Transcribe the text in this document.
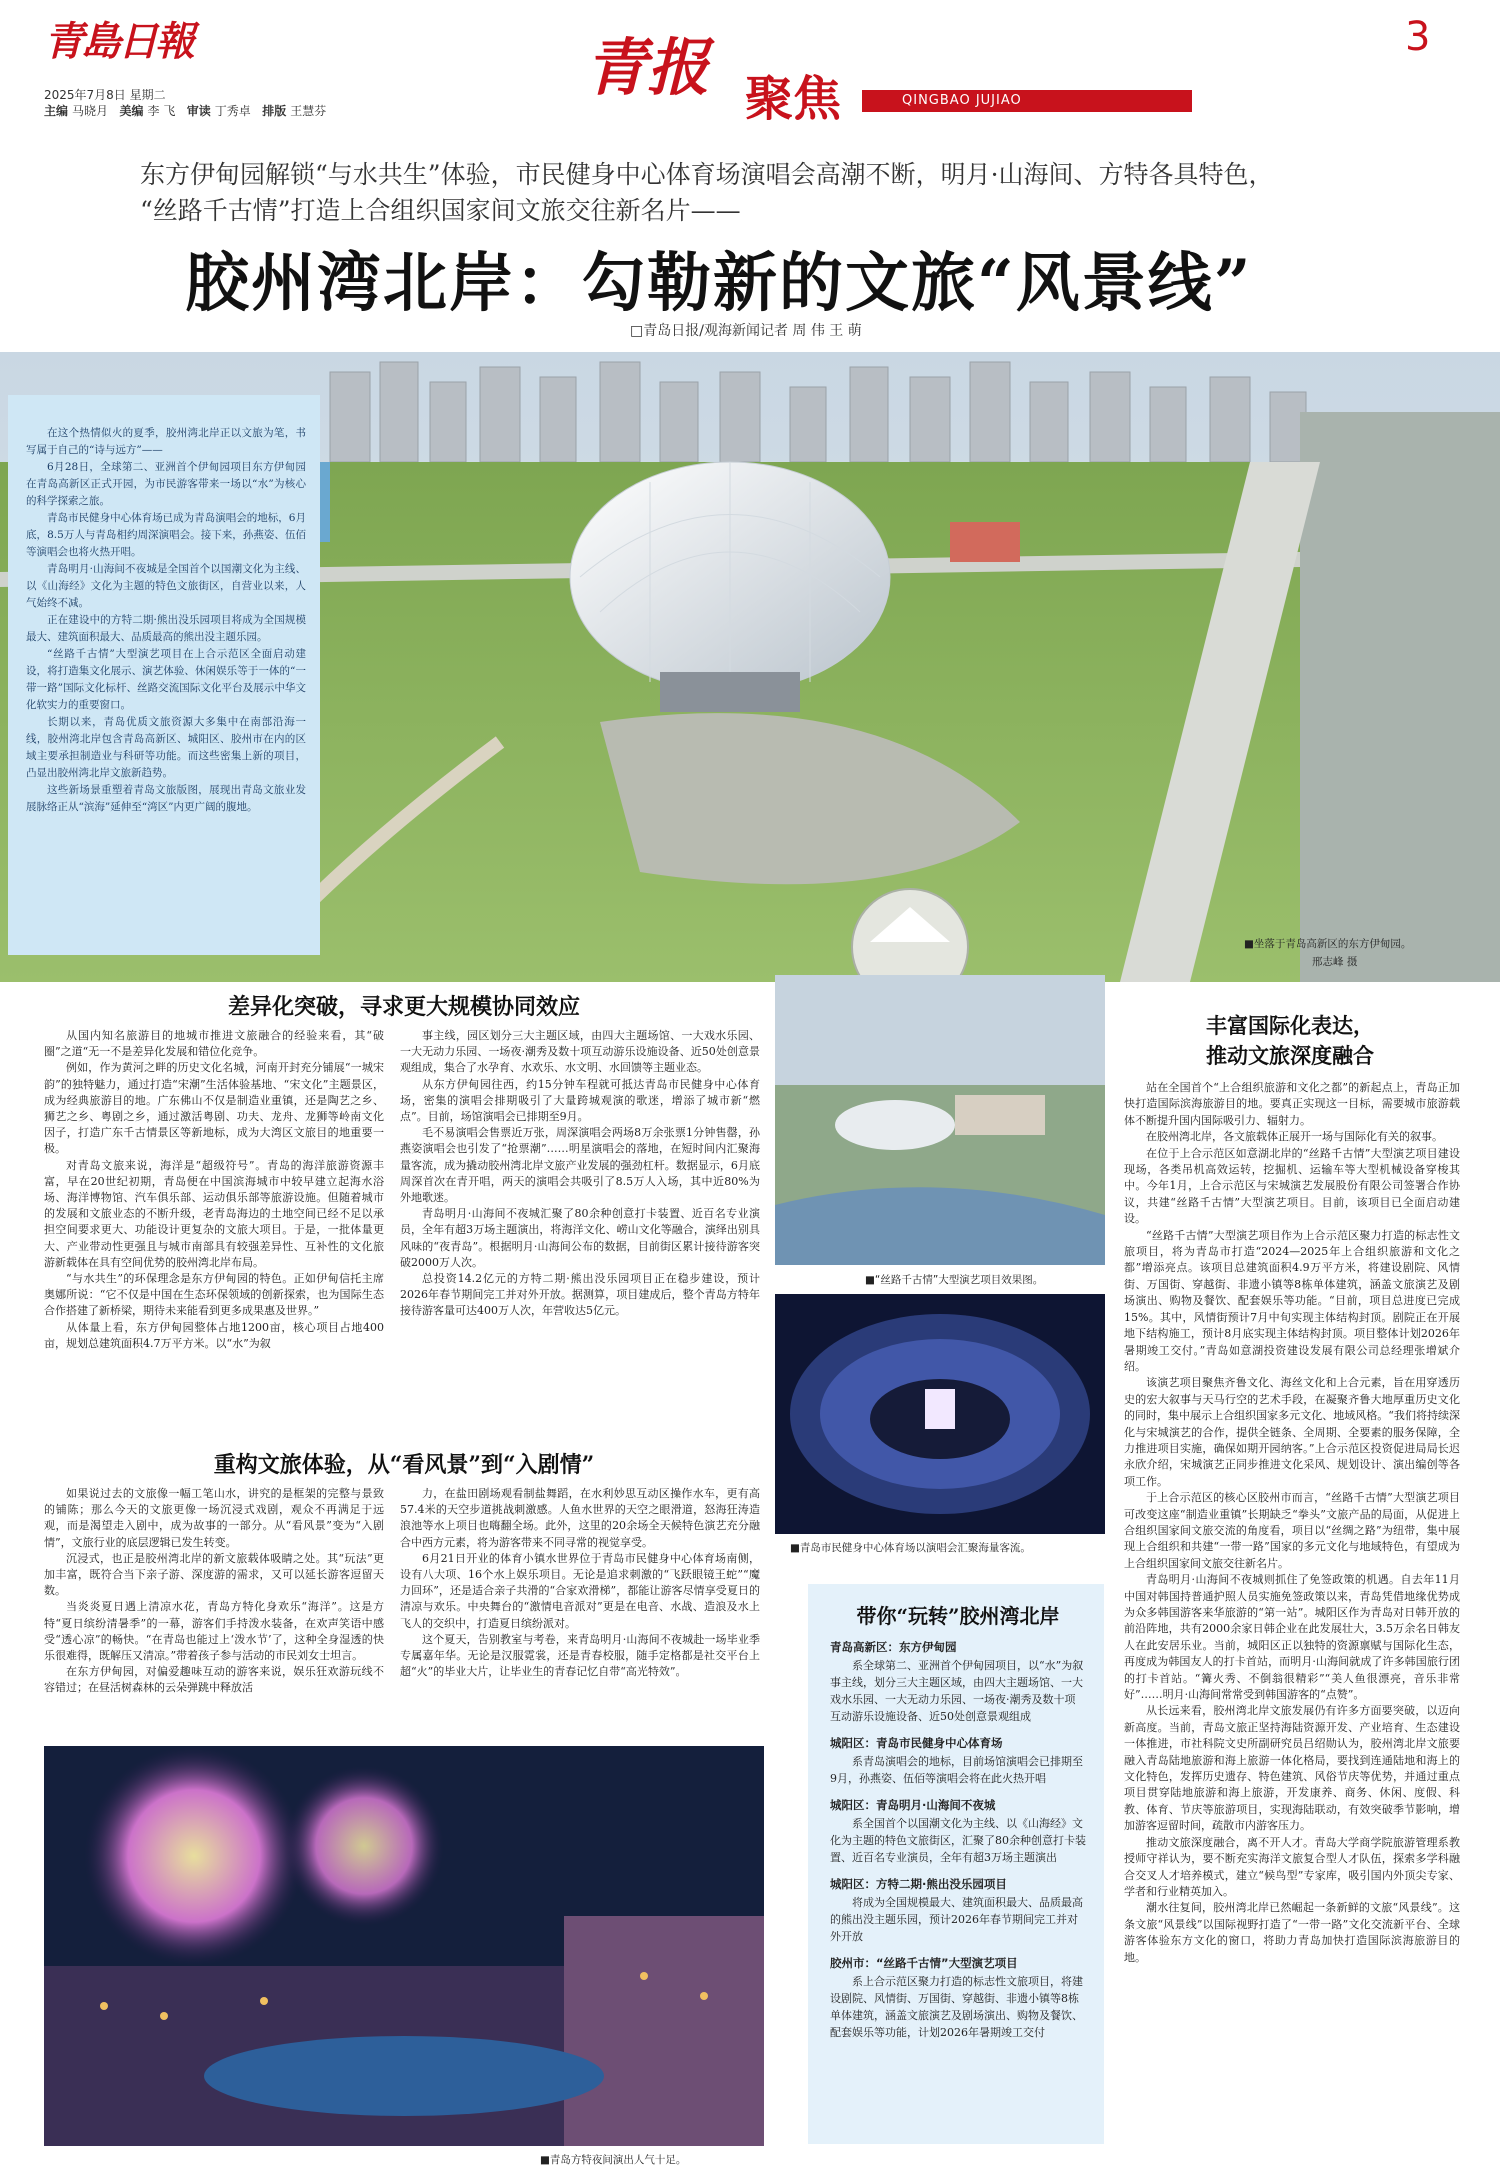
青島日報
2025年7月8日 星期二
主编 马晓月 美编 李 飞 审读 丁秀卓 排版 王慧芬
青报 聚焦	QINGBAO JUJIAO
3
东方伊甸园解锁“与水共生”体验，市民健身中心体育场演唱会高潮不断，明月·山海间、方特各具特色，
“丝路千古情”打造上合组织国家间文旅交往新名片——
胶州湾北岸：勾勒新的文旅“风景线”
□青岛日报/观海新闻记者 周 伟 王 萌
■坐落于青岛高新区的东方伊甸园。
邢志峰 摄

在这个热情似火的夏季，胶州湾北岸正以文旅为笔，书写属于自己的“诗与远方”——

6月28日，全球第二、亚洲首个伊甸园项目东方伊甸园在青岛高新区正式开园，为市民游客带来一场以“水”为核心的科学探索之旅。

青岛市民健身中心体育场已成为青岛演唱会的地标，6月底，8.5万人与青岛相约周深演唱会。接下来，孙燕姿、伍佰等演唱会也将火热开唱。

青岛明月·山海间不夜城是全国首个以国潮文化为主线、以《山海经》文化为主题的特色文旅街区，自营业以来，人气始终不减。

正在建设中的方特二期·熊出没乐园项目将成为全国规模最大、建筑面积最大、品质最高的熊出没主题乐园。

“丝路千古情”大型演艺项目在上合示范区全面启动建设，将打造集文化展示、演艺体验、休闲娱乐等于一体的“一带一路”国际文化标杆、丝路交流国际文化平台及展示中华文化软实力的重要窗口。

长期以来，青岛优质文旅资源大多集中在南部沿海一线，胶州湾北岸包含青岛高新区、城阳区、胶州市在内的区域主要承担制造业与科研等功能。而这些密集上新的项目，凸显出胶州湾北岸文旅新趋势。

这些新场景重塑着青岛文旅版图，展现出青岛文旅业发展脉络正从“滨海”延伸至“湾区”内更广阔的腹地。

差异化突破，寻求更大规模协同效应

从国内知名旅游目的地城市推进文旅融合的经验来看，其“破圈”之道“无一不是差异化发展和错位化竞争。

例如，作为黄河之畔的历史文化名城，河南开封充分铺展“一城宋韵”的独特魅力，通过打造“宋潮”生活体验基地、“宋文化”主题景区，成为经典旅游目的地。广东佛山不仅是制造业重镇，还是陶艺之乡、狮艺之乡、粤剧之乡，通过激活粤剧、功夫、龙舟、龙狮等岭南文化因子，打造广东千古情景区等新地标，成为大湾区文旅目的地重要一极。

对青岛文旅来说，海洋是“超级符号”。青岛的海洋旅游资源丰富，早在20世纪初期，青岛便在中国滨海城市中较早建立起海水浴场、海洋博物馆、汽车俱乐部、运动俱乐部等旅游设施。但随着城市的发展和文旅业态的不断升级，老青岛海边的土地空间已经不足以承担空间要求更大、功能设计更复杂的文旅大项目。于是，一批体量更大、产业带动性更强且与城市南部具有较强差异性、互补性的文化旅游新载体在具有空间优势的胶州湾北岸布局。

“与水共生”的环保理念是东方伊甸园的特色。正如伊甸信托主席奥娜所说：“它不仅是中国在生态环保领域的创新探索，也为国际生态合作搭建了新桥梁，期待未来能看到更多成果惠及世界。”

从体量上看，东方伊甸园整体占地1200亩，核心项目占地400亩，规划总建筑面积4.7万平方米。以“水”为叙

事主线，园区划分三大主题区域，由四大主题场馆、一大戏水乐园、一大无动力乐园、一场夜·潮秀及数十项互动游乐设施设备、近50处创意景观组成，集合了水孕育、水欢乐、水文明、水回馈等主题业态。

从东方伊甸园往西，约15分钟车程就可抵达青岛市民健身中心体育场，密集的演唱会排期吸引了大量跨城观演的歌迷，增添了城市新“燃点”。目前，场馆演唱会已排期至9月。

毛不易演唱会售票近万张，周深演唱会两场8万余张票1分钟售罄，孙燕姿演唱会也引发了“抢票潮”……明星演唱会的落地，在短时间内汇聚海量客流，成为撬动胶州湾北岸文旅产业发展的强劲杠杆。数据显示，6月底周深首次在青开唱，两天的演唱会共吸引了8.5万人入场，其中近80%为外地歌迷。

青岛明月·山海间不夜城汇聚了80余种创意打卡装置、近百名专业演员，全年有超3万场主题演出，将海洋文化、崂山文化等融合，演绎出别具风味的“夜青岛”。根据明月·山海间公布的数据，目前街区累计接待游客突破2000万人次。

总投资14.2亿元的方特二期·熊出没乐园项目正在稳步建设，预计2026年春节期间完工并对外开放。据测算，项目建成后，整个青岛方特年接待游客量可达400万人次，年营收达5亿元。

重构文旅体验，从“看风景”到“入剧情”

如果说过去的文旅像一幅工笔山水，讲究的是框架的完整与景致的铺陈；那么今天的文旅更像一场沉浸式戏剧，观众不再满足于远观，而是渴望走入剧中，成为故事的一部分。从“看风景”变为“入剧情”，文旅行业的底层逻辑已发生转变。

沉浸式，也正是胶州湾北岸的新文旅载体吸睛之处。其“玩法”更加丰富，既符合当下亲子游、深度游的需求，又可以延长游客逗留天数。

当炎炎夏日遇上清凉水花，青岛方特化身欢乐“海洋”。这是方特“夏日缤纷清暑季”的一幕，游客们手持泼水装备，在欢声笑语中感受“透心凉”的畅快。“在青岛也能过上‘泼水节’了，这种全身湿透的快乐很难得，既解压又清凉。”带着孩子参与活动的市民刘女士坦言。

在东方伊甸园，对偏爱趣味互动的游客来说，娱乐狂欢游玩线不容错过；在昼活树森林的云朵弹跳中释放活

力，在盐田剧场观看制盐舞蹈，在水利妙思互动区操作水车，更有高57.4米的天空步道挑战刺激感。人鱼水世界的天空之眼滑道，怒海狂涛造浪池等水上项目也嗨翻全场。此外，这里的20余场全天候特色演艺充分融合中西方元素，将为游客带来不同寻常的视觉享受。

6月21日开业的体育小镇水世界位于青岛市民健身中心体育场南侧，设有八大项、16个水上娱乐项目。无论是追求刺激的“飞跃眼镜王蛇”“魔力回环”，还是适合亲子共滑的“合家欢滑梯”，都能让游客尽情享受夏日的清凉与欢乐。中央舞台的“激情电音派对”更是在电音、水战、造浪及水上飞人的交织中，打造夏日缤纷派对。

这个夏天，告别教室与考卷，来青岛明月·山海间不夜城赴一场毕业季专属嘉年华。无论是汉服霓裳，还是青春校服，随手定格都是社交平台上超“火”的毕业大片，让毕业生的青春记忆自带“高光特效”。

■青岛方特夜间演出人气十足。
■“丝路千古情”大型演艺项目效果图。
■青岛市民健身中心体育场以演唱会汇聚海量客流。
带你“玩转”胶州湾北岸
青岛高新区：东方伊甸园
系全球第二、亚洲首个伊甸园项目，以“水”为叙事主线，划分三大主题区域，由四大主题场馆、一大戏水乐园、一大无动力乐园、一场夜·潮秀及数十项互动游乐设施设备、近50处创意景观组成
城阳区：青岛市民健身中心体育场
系青岛演唱会的地标，目前场馆演唱会已排期至9月，孙燕姿、伍佰等演唱会将在此火热开唱
城阳区：青岛明月·山海间不夜城
系全国首个以国潮文化为主线、以《山海经》文化为主题的特色文旅街区，汇聚了80余种创意打卡装置、近百名专业演员，全年有超3万场主题演出
城阳区：方特二期·熊出没乐园项目
将成为全国规模最大、建筑面积最大、品质最高的熊出没主题乐园，预计2026年春节期间完工并对外开放
胶州市：“丝路千古情”大型演艺项目
系上合示范区聚力打造的标志性文旅项目，将建设剧院、风情街、万国街、穿越街、非遗小镇等8栋单体建筑，涵盖文旅演艺及剧场演出、购物及餐饮、配套娱乐等功能，计划2026年暑期竣工交付
丰富国际化表达，
推动文旅深度融合

站在全国首个“上合组织旅游和文化之都”的新起点上，青岛正加快打造国际滨海旅游目的地。要真正实现这一目标，需要城市旅游载体不断提升国内国际吸引力、辐射力。

在胶州湾北岸，各文旅载体正展开一场与国际化有关的叙事。

在位于上合示范区如意湖北岸的“丝路千古情”大型演艺项目建设现场，各类吊机高效运转，挖掘机、运输车等大型机械设备穿梭其中。今年1月，上合示范区与宋城演艺发展股份有限公司签署合作协议，共建“丝路千古情”大型演艺项目。目前，该项目已全面启动建设。

“丝路千古情”大型演艺项目作为上合示范区聚力打造的标志性文旅项目，将为青岛市打造“2024—2025年上合组织旅游和文化之都”增添亮点。该项目总建筑面积4.9万平方米，将建设剧院、风情街、万国街、穿越街、非遗小镇等8栋单体建筑，涵盖文旅演艺及剧场演出、购物及餐饮、配套娱乐等功能。“目前，项目总进度已完成15%。其中，风情街预计7月中旬实现主体结构封顶。剧院正在开展地下结构施工，预计8月底实现主体结构封顶。项目整体计划2026年暑期竣工交付。”青岛如意湖投资建设发展有限公司总经理张增斌介绍。

该演艺项目聚焦齐鲁文化、海丝文化和上合元素，旨在用穿透历史的宏大叙事与天马行空的艺术手段，在凝聚齐鲁大地厚重历史文化的同时，集中展示上合组织国家多元文化、地域风格。“我们将持续深化与宋城演艺的合作，提供全链条、全周期、全要素的服务保障，全力推进项目实施，确保如期开园纳客。”上合示范区投资促进局局长迟永欣介绍，宋城演艺正同步推进文化采风、规划设计、演出编创等各项工作。

于上合示范区的核心区胶州市而言，“丝路千古情”大型演艺项目可改变这座“制造业重镇”长期缺乏“拳头”文旅产品的局面，从促进上合组织国家间文旅交流的角度看，项目以“丝绸之路”为纽带，集中展现上合组织和共建“一带一路”国家的多元文化与地域特色，有望成为上合组织国家间文旅交往新名片。

青岛明月·山海间不夜城则抓住了免签政策的机遇。自去年11月中国对韩国持普通护照人员实施免签政策以来，青岛凭借地缘优势成为众多韩国游客来华旅游的“第一站”。城阳区作为青岛对日韩开放的前沿阵地，共有2000余家日韩企业在此发展壮大，3.5万余名日韩友人在此安居乐业。当前，城阳区正以独特的资源禀赋与国际化生态，再度成为韩国友人的打卡首站，而明月·山海间就成了许多韩国旅行团的打卡首站。“篝火秀、不倒翁很精彩”“美人鱼很漂亮，音乐非常好”……明月·山海间常常受到韩国游客的“点赞”。

从长远来看，胶州湾北岸文旅发展仍有许多方面要突破，以迈向新高度。当前，青岛文旅正坚持海陆资源开发、产业培育、生态建设一体推进，市社科院文史所副研究员吕绍勋认为，胶州湾北岸文旅要融入青岛陆地旅游和海上旅游一体化格局，要找到连通陆地和海上的文化特色，发挥历史遗存、特色建筑、风俗节庆等优势，并通过重点项目贯穿陆地旅游和海上旅游，开发康养、商务、休闲、度假、科教、体育、节庆等旅游项目，实现海陆联动，有效突破季节影响，增加游客逗留时间，疏散市内游客压力。

推动文旅深度融合，离不开人才。青岛大学商学院旅游管理系教授师守祥认为，要不断充实海洋文旅复合型人才队伍，探索多学科融合交叉人才培养模式，建立“候鸟型”专家库，吸引国内外顶尖专家、学者和行业精英加入。

潮水往复间，胶州湾北岸已然崛起一条新鲜的文旅“风景线”。这条文旅“风景线”以国际视野打造了“一带一路”文化交流新平台、全球游客体验东方文化的窗口，将助力青岛加快打造国际滨海旅游目的地。
